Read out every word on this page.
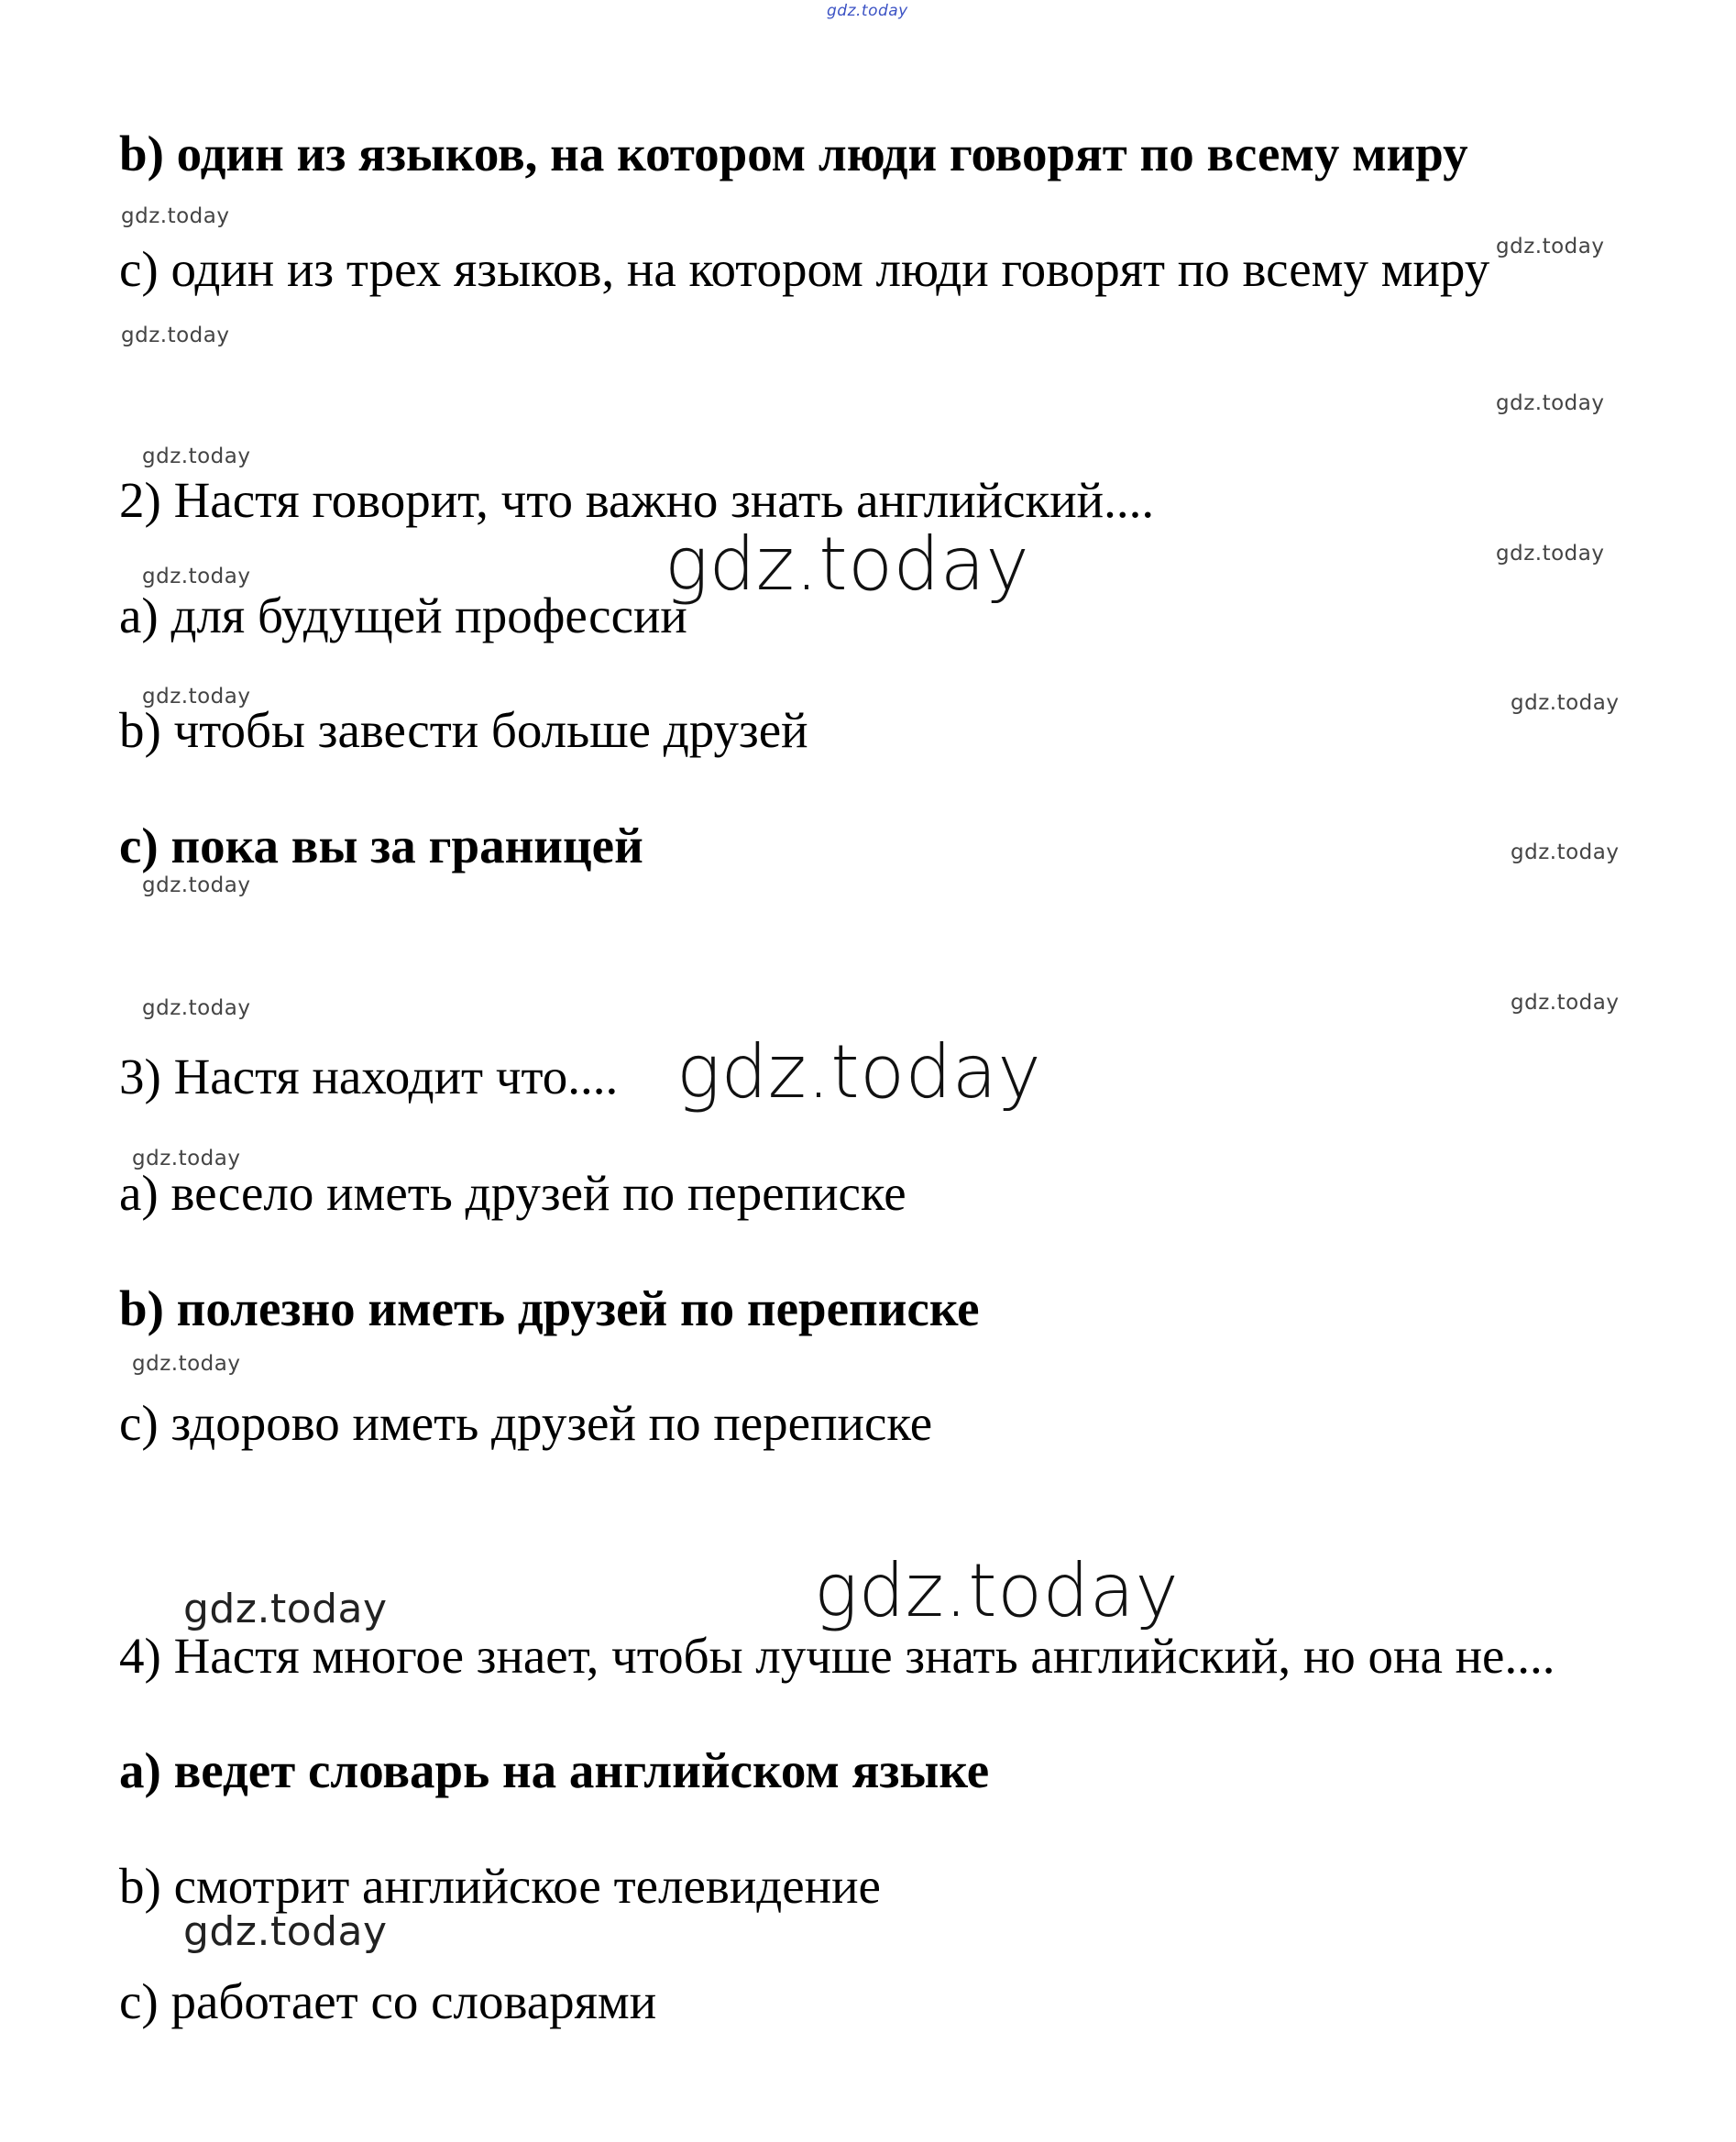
gdz.today

b) один из языков, на котором люди говорят по всему миру

gdz.today

с) один из трех языков, на котором люди говорят по всему миру gdz.today
gdz.today
gdz.today
gdz.today

2) Настя говорит, что важно знать английский....

gdz.today	gdz.today
gdz.today

а) для будущей профессии

gdz.today	gdz.today

b) чтобы завести больше друзей

с) пока вы за границей	gdz.today
gdz.today
gdz.today	gdz.today

3) Настя находит что.... gdz.today
gdz.today

а) весело иметь друзей по переписке

b) полезно иметь друзей по переписке

gdz.today

с) здорово иметь друзей по переписке

gdz.today
gdz.today

4) Настя многое знает, чтобы лучше знать английский, но она не....

а) ведет словарь на английском языке

b) смотрит английское телевидение

gdz.today

с) работает со словарями
